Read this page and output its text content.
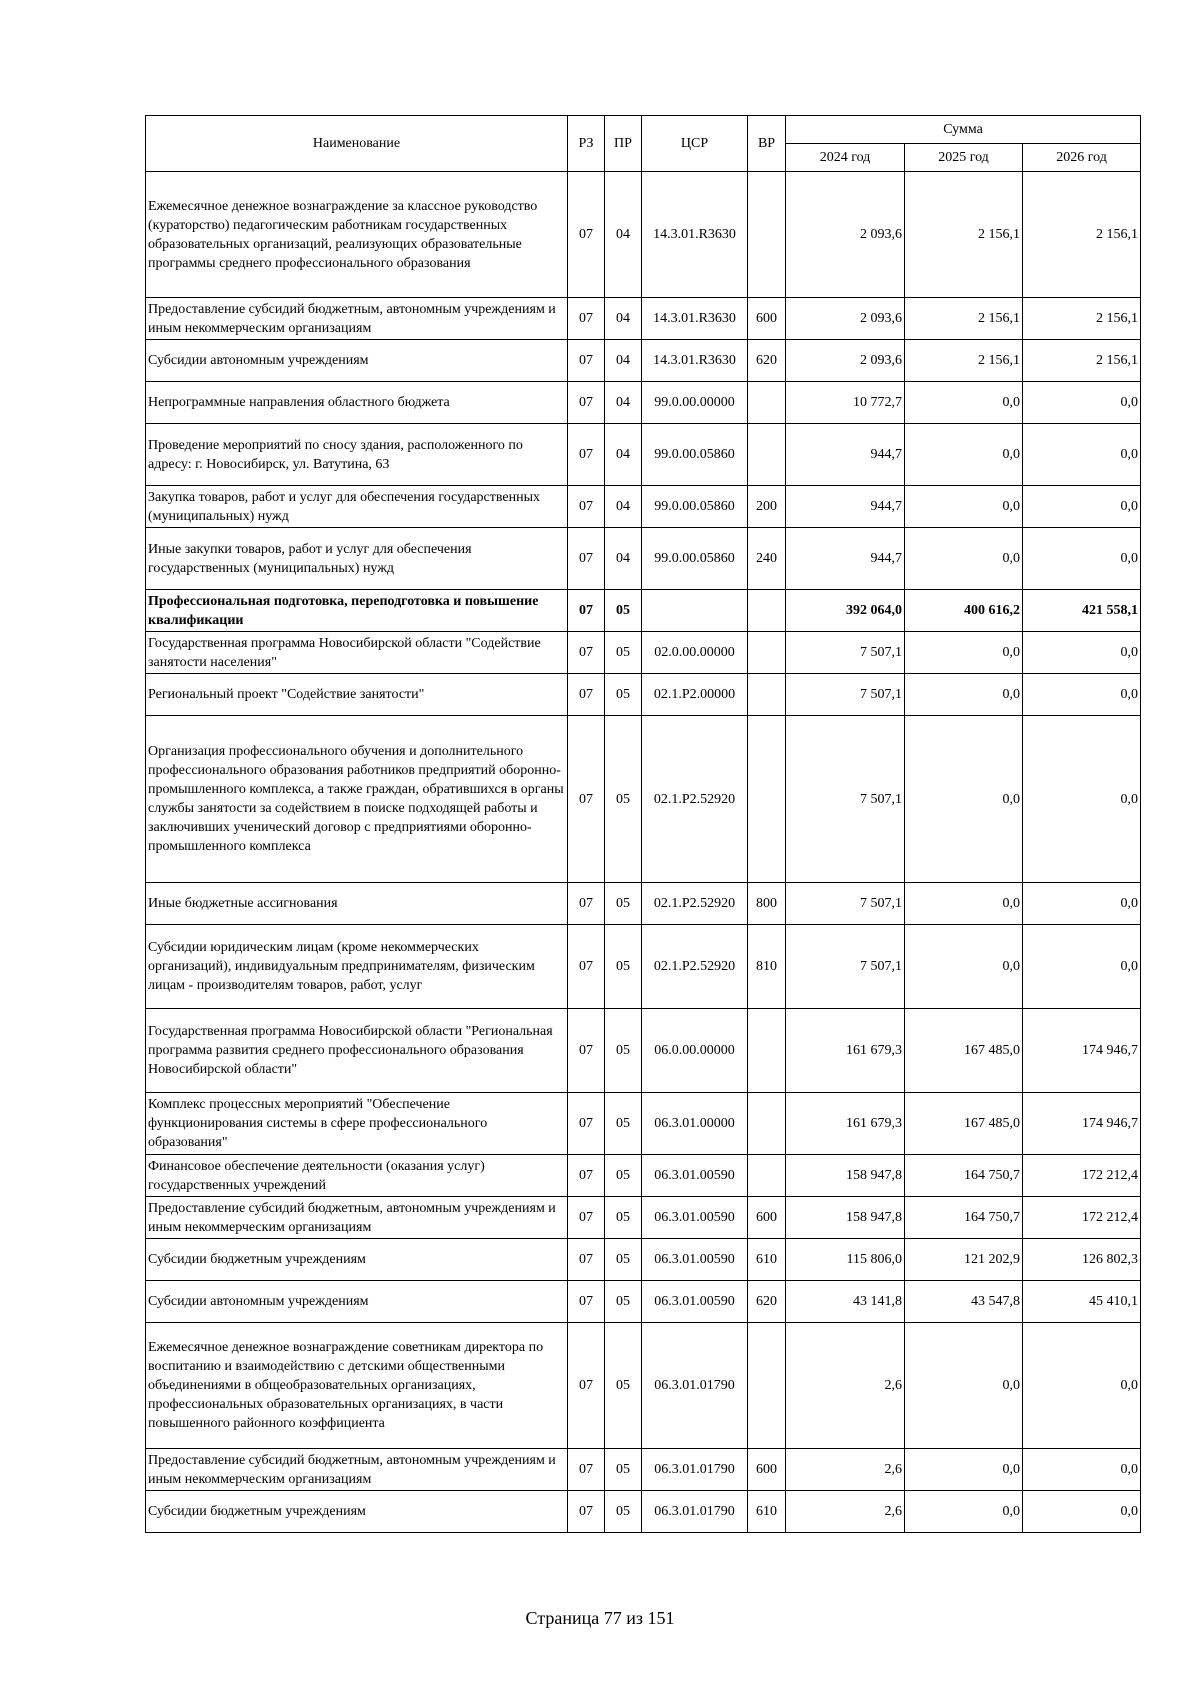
Наименование	РЗ	ПР	ЦСР	ВР	Сумма		
					2024 год	2025 год	2026 год
Ежемесячное денежное вознаграждение за классное руководство (кураторство) педагогическим работникам государственных образовательных организаций, реализующих образовательные программы среднего профессионального образования	07	04	14.3.01.R3630		2 093,6	2 156,1	2 156,1
Предоставление субсидий бюджетным, автономным учреждениям и иным некоммерческим организациям	07	04	14.3.01.R3630	600	2 093,6	2 156,1	2 156,1
Субсидии автономным учреждениям	07	04	14.3.01.R3630	620	2 093,6	2 156,1	2 156,1
Непрограммные направления областного бюджета	07	04	99.0.00.00000		10 772,7	0,0	0,0
Проведение мероприятий по сносу здания, расположенного по адресу: г. Новосибирск, ул. Ватутина, 63	07	04	99.0.00.05860		944,7	0,0	0,0
Закупка товаров, работ и услуг для обеспечения государственных (муниципальных) нужд	07	04	99.0.00.05860	200	944,7	0,0	0,0
Иные закупки товаров, работ и услуг для обеспечения государственных (муниципальных) нужд	07	04	99.0.00.05860	240	944,7	0,0	0,0
Профессиональная подготовка, переподготовка и повышение квалификации	07	05			392 064,0	400 616,2	421 558,1
Государственная программа Новосибирской области "Содействие занятости населения"	07	05	02.0.00.00000		7 507,1	0,0	0,0
Региональный проект "Содействие занятости"	07	05	02.1.P2.00000		7 507,1	0,0	0,0
Организация профессионального обучения и дополнительного профессионального образования работников предприятий оборонно-промышленного комплекса, а также граждан, обратившихся в органы службы занятости за содействием в поиске подходящей работы и заключивших ученический договор с предприятиями оборонно-промышленного комплекса	07	05	02.1.P2.52920		7 507,1	0,0	0,0
Иные бюджетные ассигнования	07	05	02.1.P2.52920	800	7 507,1	0,0	0,0
Субсидии юридическим лицам (кроме некоммерческих организаций), индивидуальным предпринимателям, физическим лицам - производителям товаров, работ, услуг	07	05	02.1.P2.52920	810	7 507,1	0,0	0,0
Государственная программа Новосибирской области "Региональная программа развития среднего профессионального образования Новосибирской области"	07	05	06.0.00.00000		161 679,3	167 485,0	174 946,7
Комплекс процессных мероприятий "Обеспечение функционирования системы в сфере профессионального образования"	07	05	06.3.01.00000		161 679,3	167 485,0	174 946,7
Финансовое обеспечение деятельности (оказания услуг) государственных учреждений	07	05	06.3.01.00590		158 947,8	164 750,7	172 212,4
Предоставление субсидий бюджетным, автономным учреждениям и иным некоммерческим организациям	07	05	06.3.01.00590	600	158 947,8	164 750,7	172 212,4
Субсидии бюджетным учреждениям	07	05	06.3.01.00590	610	115 806,0	121 202,9	126 802,3
Субсидии автономным учреждениям	07	05	06.3.01.00590	620	43 141,8	43 547,8	45 410,1
Ежемесячное денежное вознаграждение советникам директора по воспитанию и взаимодействию с детскими общественными объединениями в общеобразовательных организациях, профессиональных образовательных организациях, в части повышенного районного коэффициента	07	05	06.3.01.01790		2,6	0,0	0,0
Предоставление субсидий бюджетным, автономным учреждениям и иным некоммерческим организациям	07	05	06.3.01.01790	600	2,6	0,0	0,0
Субсидии бюджетным учреждениям	07	05	06.3.01.01790	610	2,6	0,0	0,0
Страница 77 из 151
